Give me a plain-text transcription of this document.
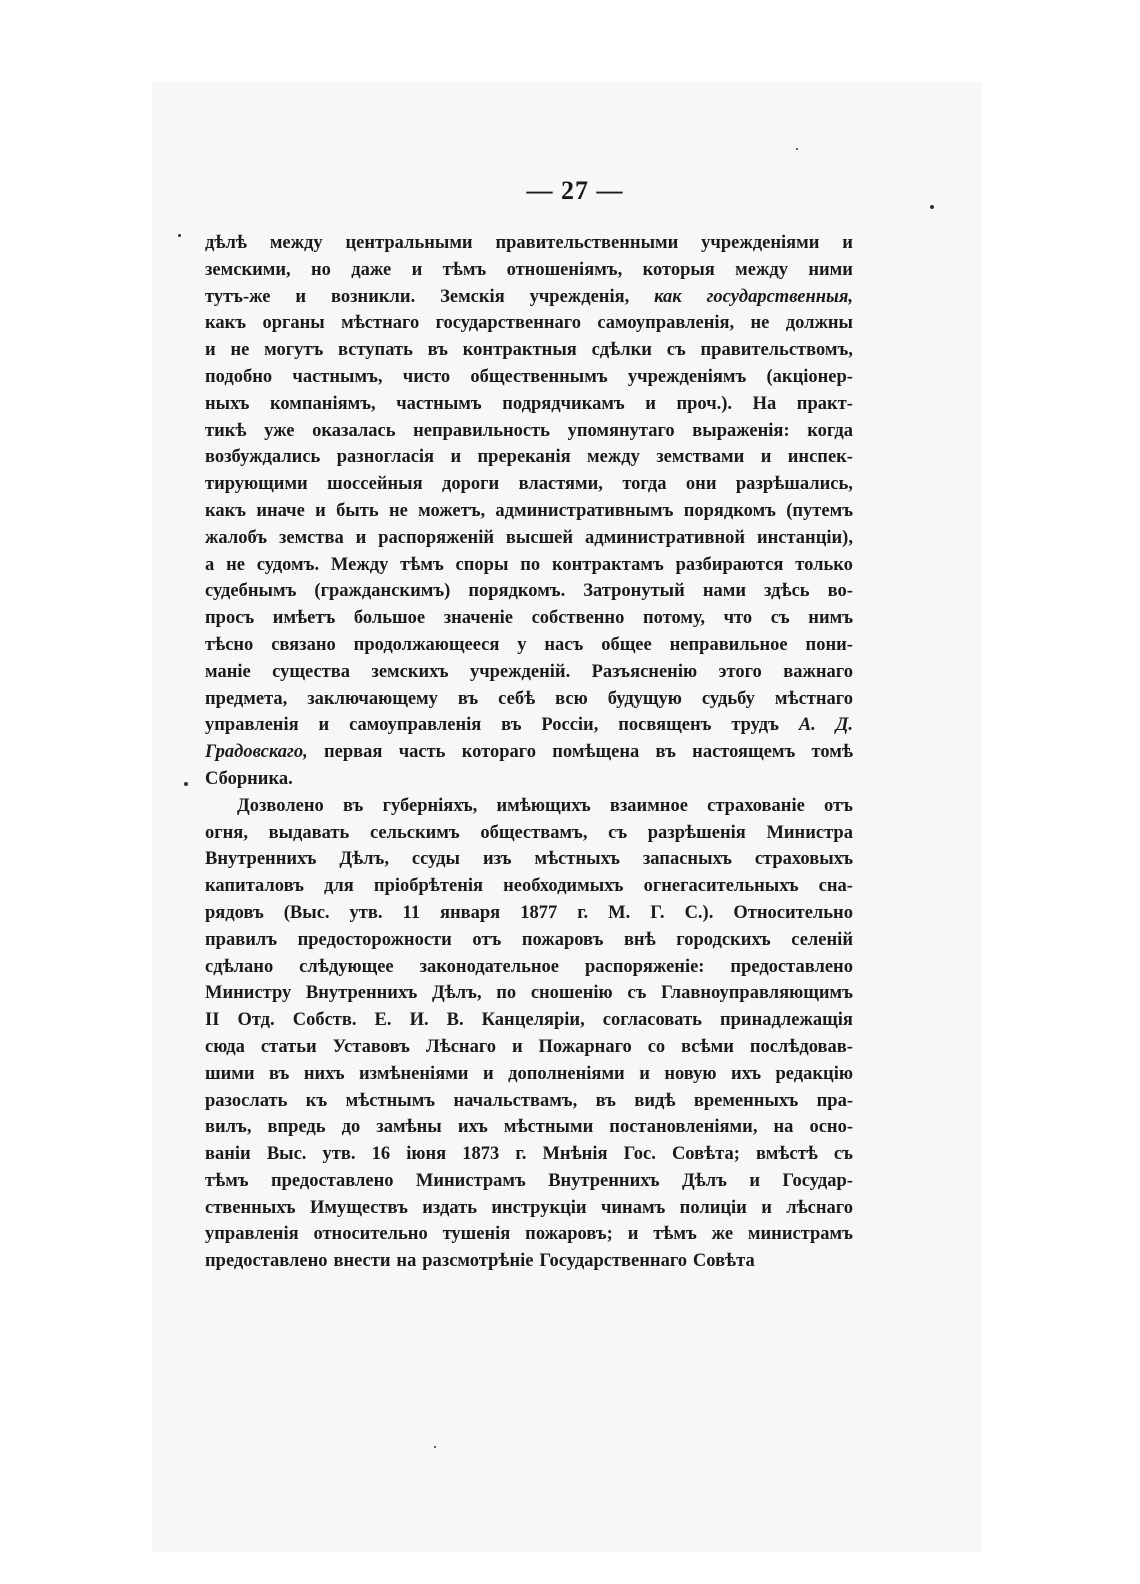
— 27 —
дѣлѣ между центральными правительственными учрежденіями и
земскими, но даже и тѣмъ отношеніямъ, которыя между ними
тутъ-же и возникли. Земскія учрежденія, как государственныя,
какъ органы мѣстнаго государственнаго самоуправленія, не должны
и не могутъ вступать въ контрактныя сдѣлки съ правительствомъ,
подобно частнымъ, чисто общественнымъ учрежденіямъ (акціонер-
ныхъ компаніямъ, частнымъ подрядчикамъ и проч.). На практ-
тикѣ уже оказалась неправильность упомянутаго выраженія: когда
возбуждались разногласія и пререканія между земствами и инспек-
тирующими шоссейныя дороги властями, тогда они разрѣшались,
какъ иначе и быть не можетъ, административнымъ порядкомъ (путемъ
жалобъ земства и распоряженій высшей административной инстанціи),
а не судомъ. Между тѣмъ споры по контрактамъ разбираются только
судебнымъ (гражданскимъ) порядкомъ. Затронутый нами здѣсь во-
просъ имѣетъ большое значеніе собственно потому, что съ нимъ
тѣсно связано продолжающееся у насъ общее неправильное пони-
маніе существа земскихъ учрежденій. Разъясненію этого важнаго
предмета, заключающему въ себѣ всю будущую судьбу мѣстнаго
управленія и самоуправленія въ Россіи, посвященъ трудъ А. Д.
Градовскаго, первая часть котораго помѣщена въ настоящемъ томѣ
Сборника.
Дозволено въ губерніяхъ, имѣющихъ взаимное страхованіе отъ
огня, выдавать сельскимъ обществамъ, съ разрѣшенія Министра
Внутреннихъ Дѣлъ, ссуды изъ мѣстныхъ запасныхъ страховыхъ
капиталовъ для пріобрѣтенія необходимыхъ огнегасительныхъ сна-
рядовъ (Выс. утв. 11 января 1877 г. М. Г. С.). Относительно
правилъ предосторожности отъ пожаровъ внѣ городскихъ селеній
сдѣлано слѣдующее законодательное распоряженіе: предоставлено
Министру Внутреннихъ Дѣлъ, по сношенію съ Главноуправляющимъ
II Отд. Собств. Е. И. В. Канцеляріи, согласовать принадлежащія
сюда статьи Уставовъ Лѣснаго и Пожарнаго со всѣми послѣдовав-
шими въ нихъ измѣненіями и дополненіями и новую ихъ редакцію
разослать къ мѣстнымъ начальствамъ, въ видѣ временныхъ пра-
вилъ, впредь до замѣны ихъ мѣстными постановленіями, на осно-
ваніи Выс. утв. 16 іюня 1873 г. Мнѣнія Гос. Совѣта; вмѣстѣ съ
тѣмъ предоставлено Министрамъ Внутреннихъ Дѣлъ и Государ-
ственныхъ Имуществъ издать инструкціи чинамъ полиціи и лѣснаго
управленія относительно тушенія пожаровъ; и тѣмъ же министрамъ
предоставлено внести на разсмотрѣніе Государственнаго Совѣта
